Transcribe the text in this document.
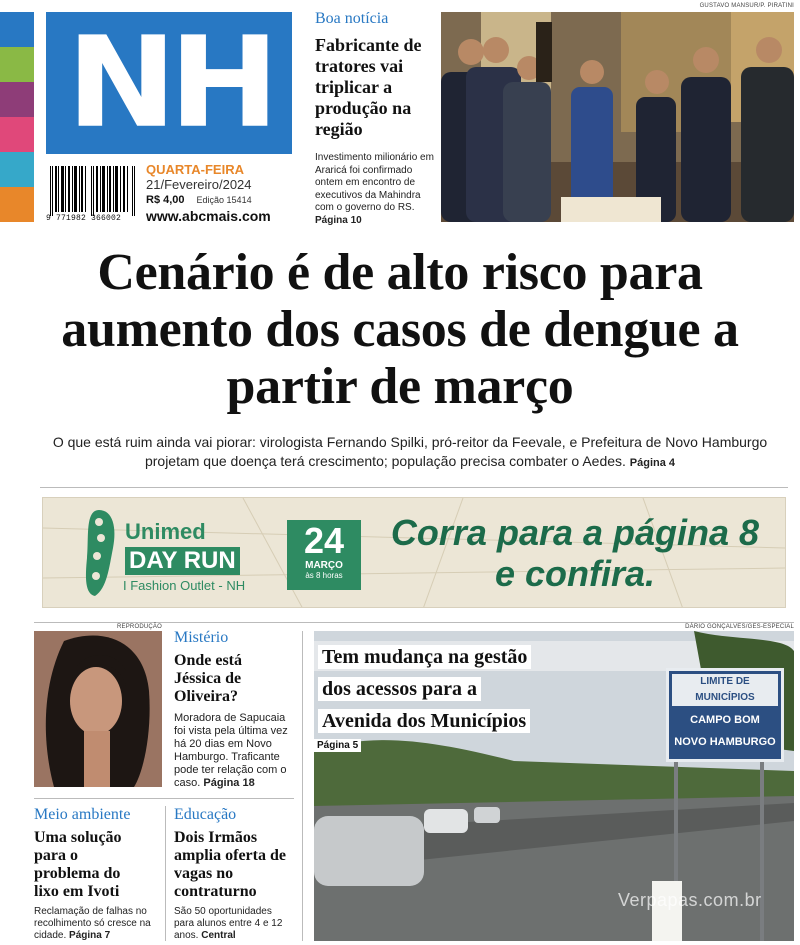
NH
9 771982 366002
QUARTA-FEIRA
21/Fevereiro/2024
R$ 4,00 Edição 15414
www.abcmais.com
Boa notícia
Fabricante de tratores vai triplicar a produção na região
Investimento milionário em Araricá foi confirmado ontem em encontro de executivos da Mahindra com o governo do RS. Página 10
GUSTAVO MANSUR/P. PIRATINI
Cenário é de alto risco para aumento dos casos de dengue a partir de março
O que está ruim ainda vai piorar: virologista Fernando Spilki, pró-reitor da Feevale, e Prefeitura de Novo Hamburgo projetam que doença terá crescimento; população precisa combater o Aedes. Página 4
Unimed
DAY RUN
I Fashion Outlet - NH
24
MARÇO
às 8 horas
Corra para a página 8 e confira.
REPRODUÇÃO
Mistério
Onde está Jéssica de Oliveira?
Moradora de Sapucaia foi vista pela última vez há 20 dias em Novo Hamburgo. Traficante pode ter relação com o caso. Página 18
Meio ambiente
Uma solução para o problema do lixo em Ivoti
Reclamação de falhas no recolhimento só cresce na cidade. Página 7
Educação
Dois Irmãos amplia oferta de vagas no contraturno
São 50 oportunidades para alunos entre 4 e 12 anos. Central
DÁRIO GONÇALVES/GES-ESPECIAL
Tem mudança na gestão
dos acessos para a
Avenida dos Municípios
Página 5
LIMITE DE MUNICÍPIOS
CAMPO BOM
NOVO HAMBURGO
Verpapas.com.br
